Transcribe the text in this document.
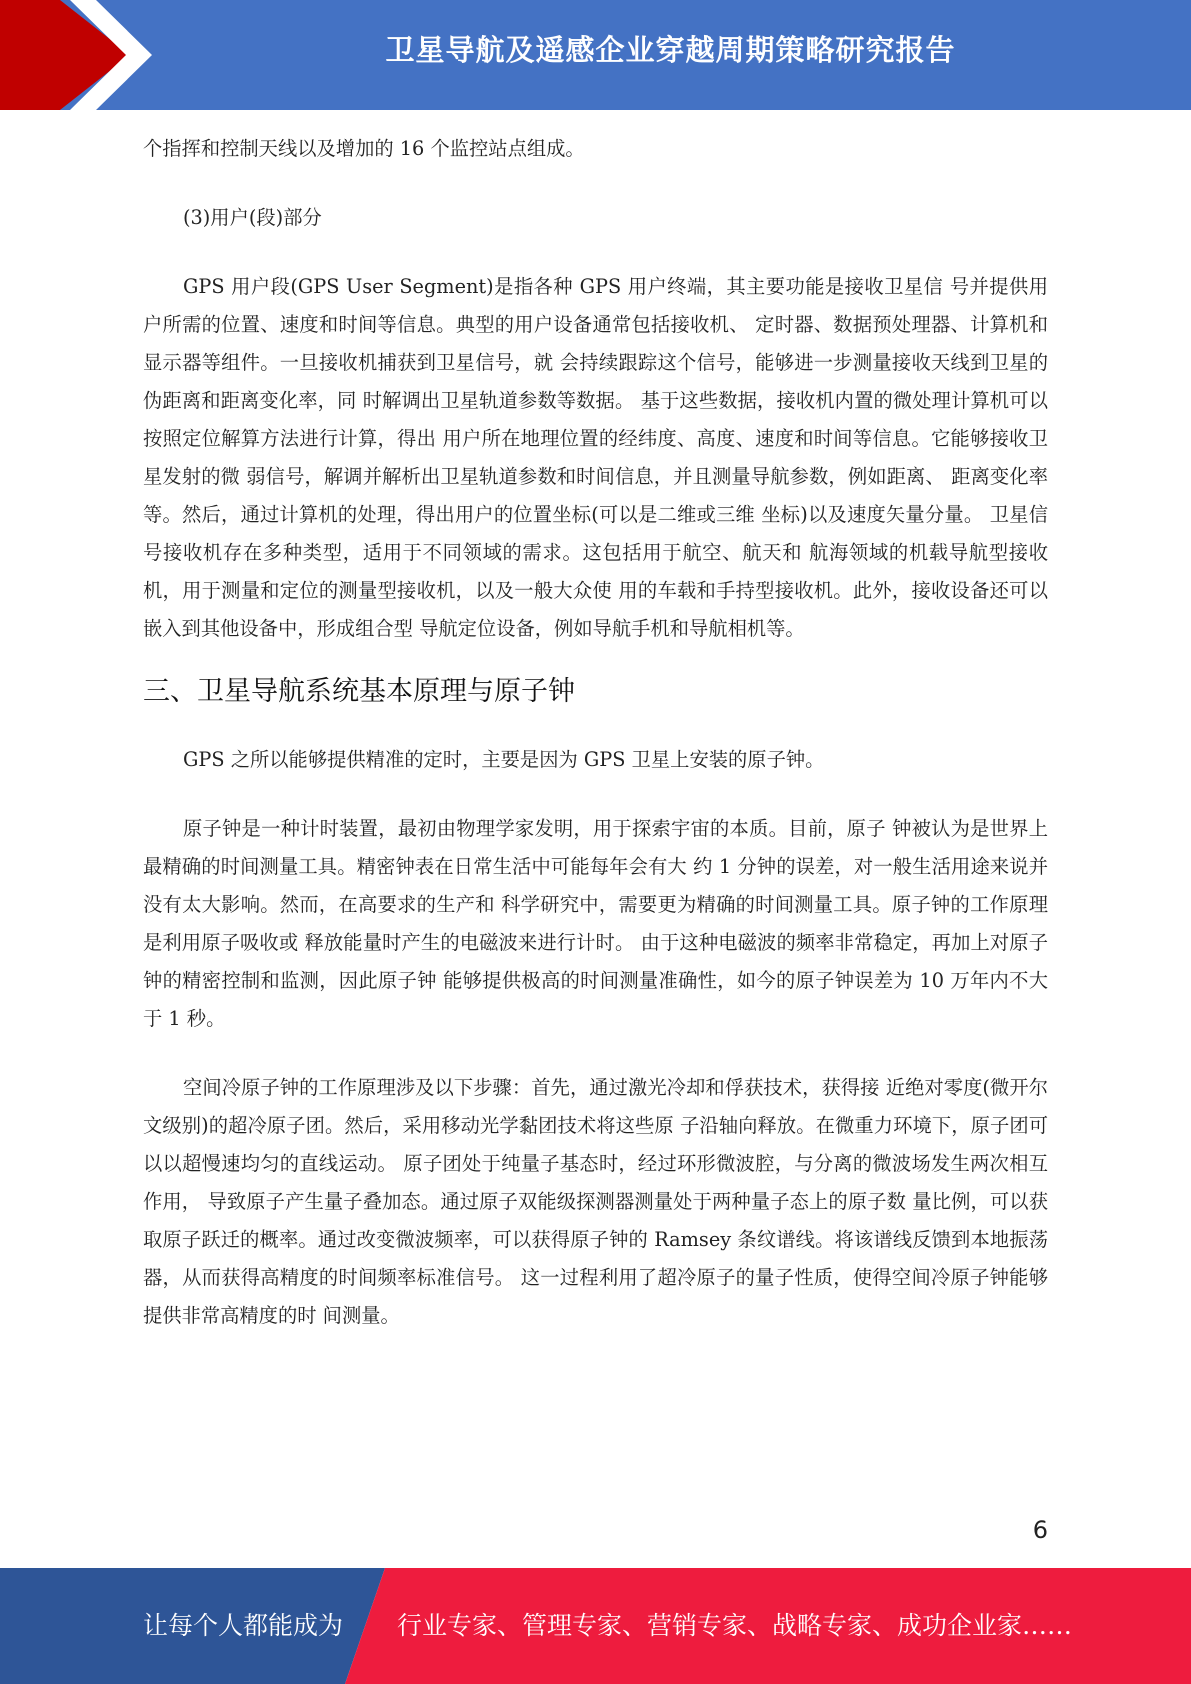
卫星导航及遥感企业穿越周期策略研究报告

个指挥和控制天线以及增加的 16 个监控站点组成。

(3)用户(段)部分

GPS 用户段(GPS User Segment)是指各种 GPS 用户终端，其主要功能是接收卫星信 号并提供用户所需的位置、速度和时间等信息。典型的用户设备通常包括接收机、 定时器、数据预处理器、计算机和显示器等组件。一旦接收机捕获到卫星信号，就 会持续跟踪这个信号，能够进一步测量接收天线到卫星的伪距离和距离变化率，同 时解调出卫星轨道参数等数据。 基于这些数据，接收机内置的微处理计算机可以按照定位解算方法进行计算，得出 用户所在地理位置的经纬度、高度、速度和时间等信息。它能够接收卫星发射的微 弱信号，解调并解析出卫星轨道参数和时间信息，并且测量导航参数，例如距离、 距离变化率等。然后，通过计算机的处理，得出用户的位置坐标(可以是二维或三维 坐标)以及速度矢量分量。 卫星信号接收机存在多种类型，适用于不同领域的需求。这包括用于航空、航天和 航海领域的机载导航型接收机，用于测量和定位的测量型接收机，以及一般大众使 用的车载和手持型接收机。此外，接收设备还可以嵌入到其他设备中，形成组合型 导航定位设备，例如导航手机和导航相机等。

三、卫星导航系统基本原理与原子钟

GPS 之所以能够提供精准的定时，主要是因为 GPS 卫星上安装的原子钟。

原子钟是一种计时装置，最初由物理学家发明，用于探索宇宙的本质。目前，原子 钟被认为是世界上最精确的时间测量工具。精密钟表在日常生活中可能每年会有大 约 1 分钟的误差，对一般生活用途来说并没有太大影响。然而，在高要求的生产和 科学研究中，需要更为精确的时间测量工具。原子钟的工作原理是利用原子吸收或 释放能量时产生的电磁波来进行计时。 由于这种电磁波的频率非常稳定，再加上对原子钟的精密控制和监测，因此原子钟 能够提供极高的时间测量准确性，如今的原子钟误差为 10 万年内不大于 1 秒。

空间冷原子钟的工作原理涉及以下步骤：首先，通过激光冷却和俘获技术，获得接 近绝对零度(微开尔文级别)的超冷原子团。然后，采用移动光学黏团技术将这些原 子沿轴向释放。在微重力环境下，原子团可以以超慢速均匀的直线运动。 原子团处于纯量子基态时，经过环形微波腔，与分离的微波场发生两次相互作用， 导致原子产生量子叠加态。通过原子双能级探测器测量处于两种量子态上的原子数 量比例，可以获取原子跃迁的概率。通过改变微波频率，可以获得原子钟的 Ramsey 条纹谱线。将该谱线反馈到本地振荡器，从而获得高精度的时间频率标准信号。 这一过程利用了超冷原子的量子性质，使得空间冷原子钟能够提供非常高精度的时 间测量。

6
让每个人都能成为 行业专家、管理专家、营销专家、战略专家、成功企业家……
